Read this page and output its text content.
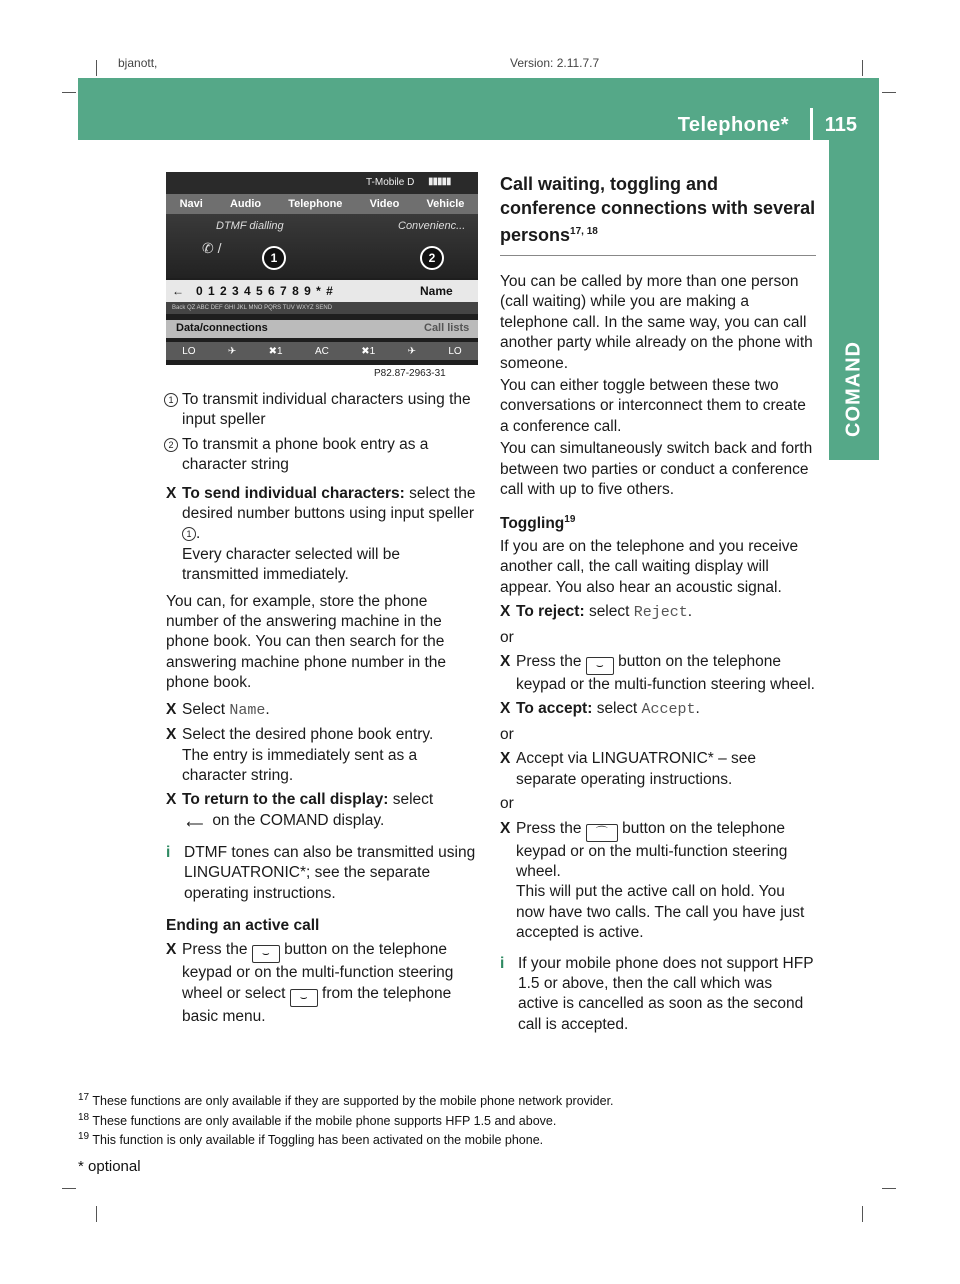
bjanott,	Version: 2.11.7.7
Telephone* 115
COMAND
T-Mobile D ▮▮▮▮▮
Navi Audio Telephone Video Vehicle
DTMF dialling	Convenienc...
✆ /
1	2
← 0 1 2 3 4 5 6 7 8 9 * #	Name
Back QZ ABC DEF GHI JKL MNO PQRS TUV WXYZ SEND
Data/connections	Call lists
LO	✈	✖1	AC	✖1	✈	LO
P82.87-2963-31

1 To transmit individual characters using the input speller

2 To transmit a phone book entry as a character string

X To send individual characters: select the desired number buttons using input speller 1 .

Every character selected will be transmitted immediately.

You can, for example, store the phone number of the answering machine in the phone book. You can then search for the answering machine phone number in the phone book.

X Select Name.

X Select the desired phone book entry.

The entry is immediately sent as a character string.

X To return to the call display: select
⟵ on the COMAND display.

i DTMF tones can also be transmitted using LINGUATRONIC*; see the separate operating instructions.

Ending an active call

X Press the ⌣ button on the telephone keypad or on the multi-function steering wheel or select ⌣ from the telephone basic menu.

Call waiting, toggling and conference connections with several persons$^{17, 18}$

You can be called by more than one person (call waiting) while you are making a telephone call. In the same way, you can call another party while already on the phone with someone.

You can either toggle between these two conversations or interconnect them to create a conference call.

You can simultaneously switch back and forth between two parties or conduct a conference call with up to five others.

Toggling$^{19}$

If you are on the telephone and you receive another call, the call waiting display will appear. You also hear an acoustic signal.

X To reject: select Reject.

or

X Press the ⌣ button on the telephone keypad or the multi-function steering wheel.

X To accept: select Accept.

or

X Accept via LINGUATRONIC* – see separate operating instructions.

or

X Press the ⌒ button on the telephone keypad or on the multi-function steering wheel.

This will put the active call on hold. You now have two calls. The call you have just accepted is active.

i If your mobile phone does not support HFP 1.5 or above, then the call which was active is cancelled as soon as the second call is accepted.

$^{17}$ These functions are only available if they are supported by the mobile phone network provider.
$^{18}$ These functions are only available if the mobile phone supports HFP 1.5 and above.
$^{19}$ This function is only available if Toggling has been activated on the mobile phone.
* optional
